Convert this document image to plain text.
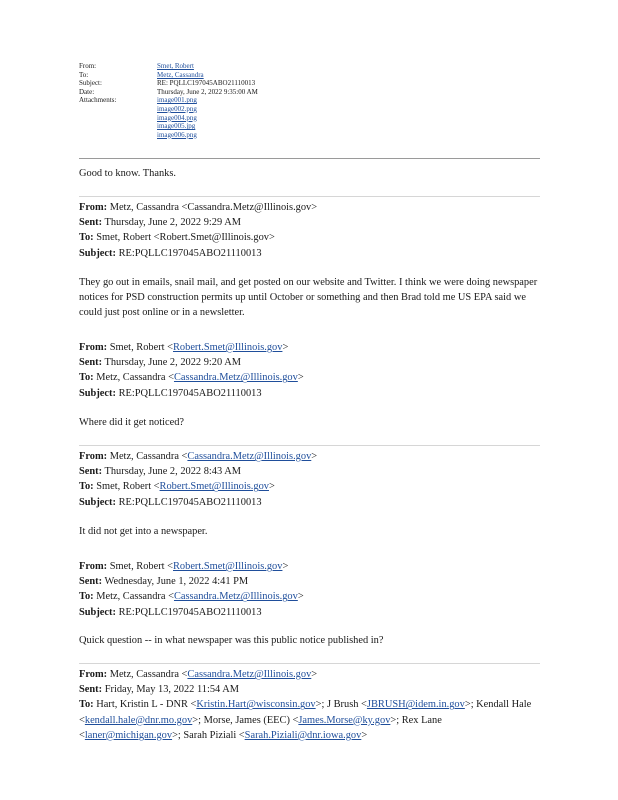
From:	Smet, Robert
To:	Metz, Cassandra
Subject:	RE: PQLLC197045ABO21110013
Date:	Thursday, June 2, 2022 9:35:00 AM
Attachments:	image001.png
image002.png
image004.png
image005.jpg
image006.png
Good to know. Thanks.
From: Metz, Cassandra <Cassandra.Metz@Illinois.gov>
Sent: Thursday, June 2, 2022 9:29 AM
To: Smet, Robert <Robert.Smet@Illinois.gov>
Subject: RE:PQLLC197045ABO21110013
They go out in emails, snail mail, and get posted on our website and Twitter. I think we were doing newspaper notices for PSD construction permits up until October or something and then Brad told me US EPA said we could just post online or in a newsletter.
From: Smet, Robert <Robert.Smet@Illinois.gov>
Sent: Thursday, June 2, 2022 9:20 AM
To: Metz, Cassandra <Cassandra.Metz@Illinois.gov>
Subject: RE:PQLLC197045ABO21110013
Where did it get noticed?
From: Metz, Cassandra <Cassandra.Metz@Illinois.gov>
Sent: Thursday, June 2, 2022 8:43 AM
To: Smet, Robert <Robert.Smet@Illinois.gov>
Subject: RE:PQLLC197045ABO21110013
It did not get into a newspaper.
From: Smet, Robert <Robert.Smet@Illinois.gov>
Sent: Wednesday, June 1, 2022 4:41 PM
To: Metz, Cassandra <Cassandra.Metz@Illinois.gov>
Subject: RE:PQLLC197045ABO21110013
Quick question -- in what newspaper was this public notice published in?
From: Metz, Cassandra <Cassandra.Metz@Illinois.gov>
Sent: Friday, May 13, 2022 11:54 AM
To: Hart, Kristin L - DNR <Kristin.Hart@wisconsin.gov>; J Brush <JBRUSH@idem.in.gov>; Kendall Hale <kendall.hale@dnr.mo.gov>; Morse, James (EEC) <James.Morse@ky.gov>; Rex Lane <laner@michigan.gov>; Sarah Piziali <Sarah.Piziali@dnr.iowa.gov>
